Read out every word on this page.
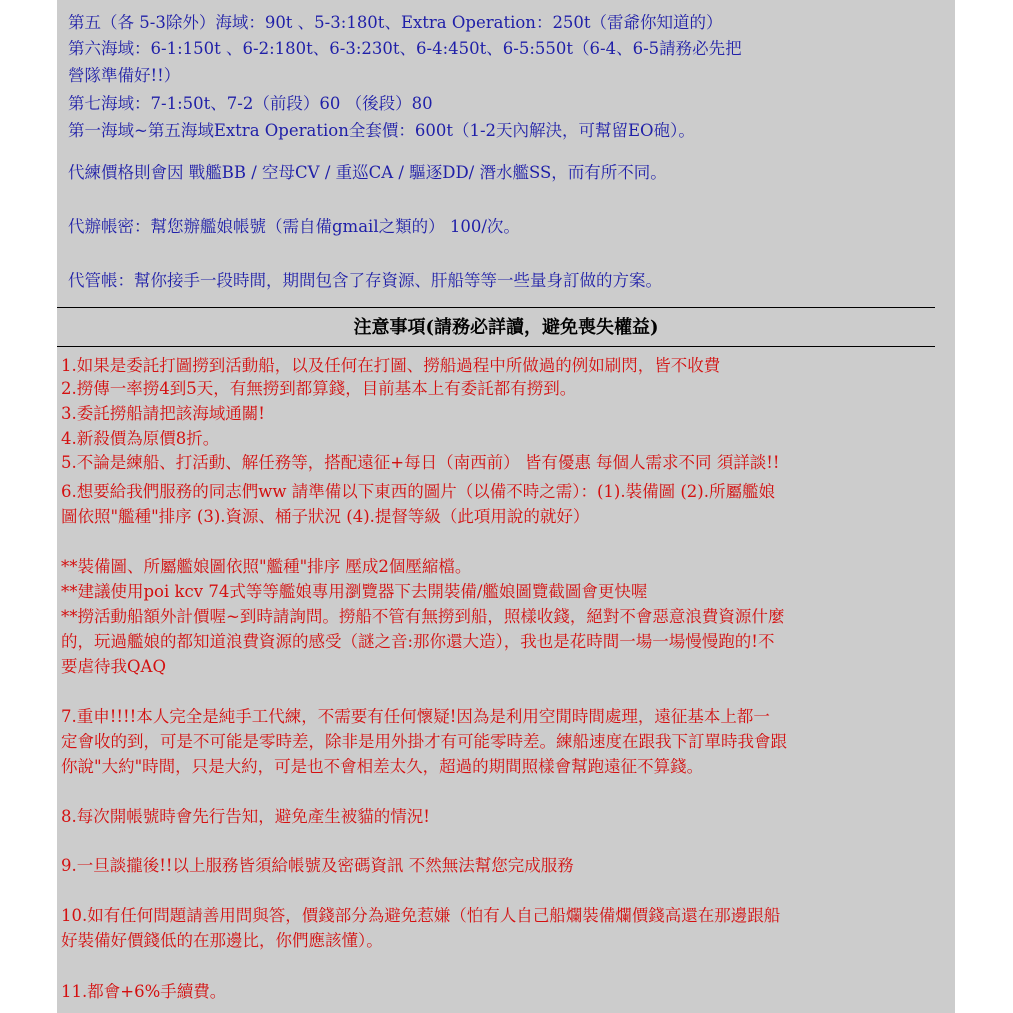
第五（各 5-3除外）海域：90t 、5-3:180t、Extra Operation：250t（雷爺你知道的）
第六海域：6-1:150t 、6-2:180t、6-3:230t、6-4:450t、6-5:550t（6-4、6-5請務必先把
營隊準備好!!）
第七海域：7-1:50t、7-2（前段）60 （後段）80
第一海域~第五海域Extra Operation全套價：600t（1-2天內解決，可幫留EO砲）。
代練價格則會因 戰艦BB / 空母CV / 重巡CA / 驅逐DD/ 潛水艦SS，而有所不同。
代辦帳密：幫您辦艦娘帳號（需自備gmail之類的） 100/次。
代管帳：幫你接手一段時間，期間包含了存資源、肝船等等一些量身訂做的方案。
注意事項(請務必詳讀，避免喪失權益)
1.如果是委託打圖撈到活動船，以及任何在打圖、撈船過程中所做過的例如刷閃，皆不收費
2.撈傳一率撈4到5天，有無撈到都算錢，目前基本上有委託都有撈到。
3.委託撈船請把該海域通關!
4.新殺價為原價8折。
5.不論是練船、打活動、解任務等，搭配遠征+每日（南西前） 皆有優惠 每個人需求不同 須詳談!!
6.想要給我們服務的同志們ww 請準備以下東西的圖片（以備不時之需）：(1).裝備圖 (2).所屬艦娘
圖依照"艦種"排序 (3).資源、桶子狀況 (4).提督等級（此項用說的就好）
**裝備圖、所屬艦娘圖依照"艦種"排序 壓成2個壓縮檔。
**建議使用poi kcv 74式等等艦娘專用瀏覽器下去開裝備/艦娘圖覽截圖會更快喔
**撈活動船額外計價喔~到時請詢問。撈船不管有無撈到船，照樣收錢，絕對不會惡意浪費資源什麼
的，玩過艦娘的都知道浪費資源的感受（謎之音:那你還大造），我也是花時間一場一場慢慢跑的!不
要虐待我QAQ
7.重申!!!!本人完全是純手工代練，不需要有任何懷疑!因為是利用空閒時間處理，遠征基本上都一
定會收的到，可是不可能是零時差，除非是用外掛才有可能零時差。練船速度在跟我下訂單時我會跟
你說"大約"時間，只是大約，可是也不會相差太久，超過的期間照樣會幫跑遠征不算錢。
8.每次開帳號時會先行告知，避免產生被貓的情況!
9.一旦談攏後!!以上服務皆須給帳號及密碼資訊 不然無法幫您完成服務
10.如有任何問題請善用問與答，價錢部分為避免惹嫌（怕有人自己船爛裝備爛價錢高還在那邊跟船
好裝備好價錢低的在那邊比，你們應該懂）。
11.都會+6%手續費。
